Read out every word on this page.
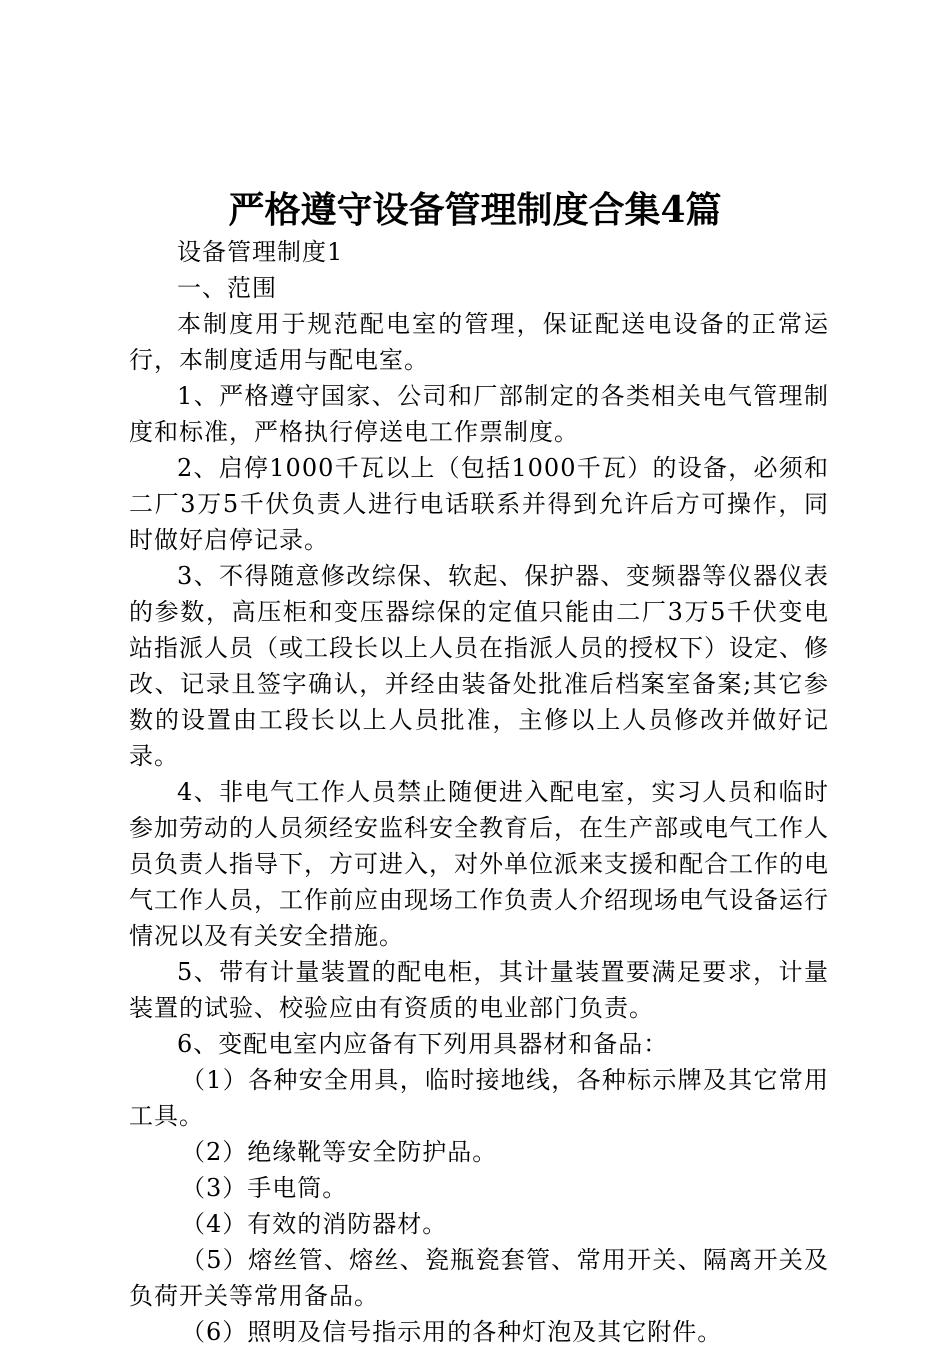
严格遵守设备管理制度合集4篇

设备管理制度1

一、范围

本制度用于规范配电室的管理，保证配送电设备的正常运行，本制度适用与配电室。

1、严格遵守国家、公司和厂部制定的各类相关电气管理制度和标准，严格执行停送电工作票制度。

2、启停1000千瓦以上（包括1000千瓦）的设备，必须和二厂3万5千伏负责人进行电话联系并得到允许后方可操作，同时做好启停记录。

3、不得随意修改综保、软起、保护器、变频器等仪器仪表的参数，高压柜和变压器综保的定值只能由二厂3万5千伏变电站指派人员（或工段长以上人员在指派人员的授权下）设定、修改、记录且签字确认，并经由装备处批准后档案室备案;其它参数的设置由工段长以上人员批准，主修以上人员修改并做好记录。

4、非电气工作人员禁止随便进入配电室，实习人员和临时参加劳动的人员须经安监科安全教育后，在生产部或电气工作人员负责人指导下，方可进入，对外单位派来支援和配合工作的电气工作人员，工作前应由现场工作负责人介绍现场电气设备运行情况以及有关安全措施。

5、带有计量装置的配电柜，其计量装置要满足要求，计量装置的试验、校验应由有资质的电业部门负责。

6、变配电室内应备有下列用具器材和备品：

（1）各种安全用具，临时接地线，各种标示牌及其它常用工具。

（2）绝缘靴等安全防护品。

（3）手电筒。

（4）有效的消防器材。

（5）熔丝管、熔丝、瓷瓶瓷套管、常用开关、隔离开关及负荷开关等常用备品。

（6）照明及信号指示用的各种灯泡及其它附件。
